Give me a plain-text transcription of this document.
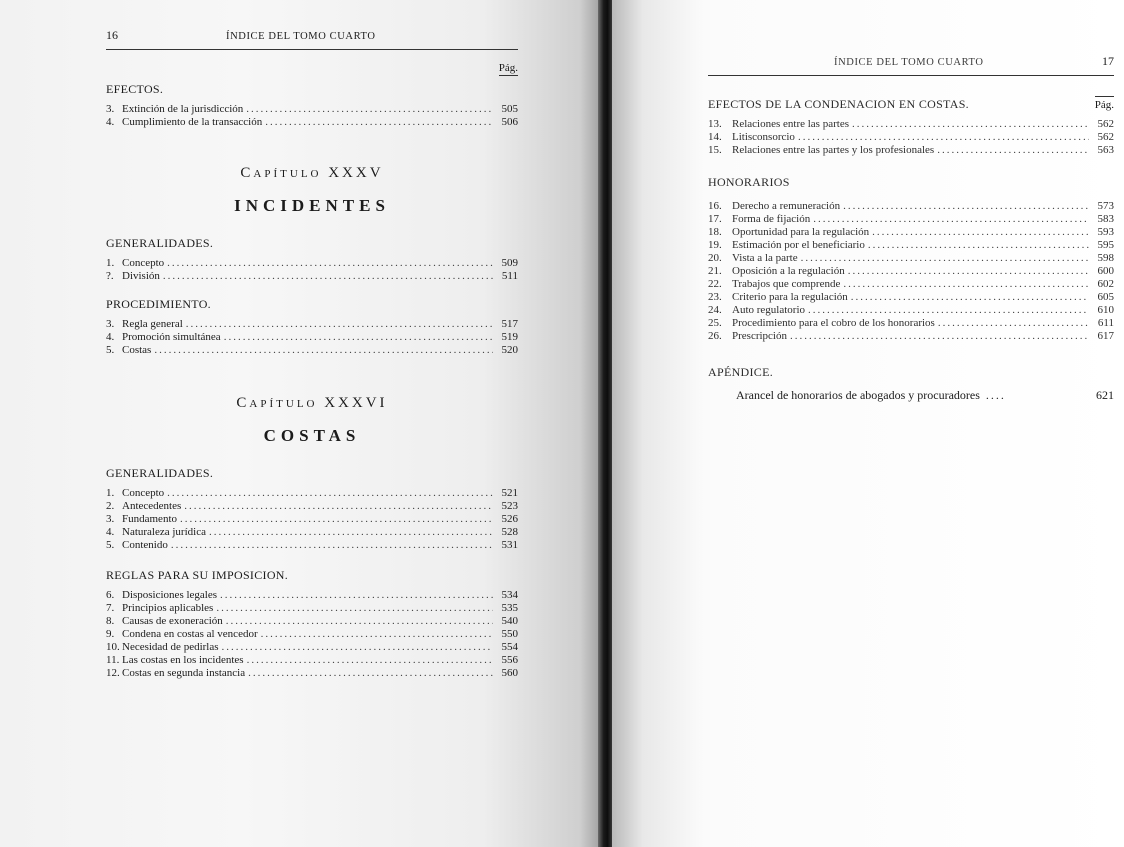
16	ÍNDICE DEL TOMO CUARTO
Pág.
EFECTOS.
3. Extinción de la jurisdicción .....	505
4. Cumplimiento de la transacción .....	506
Capítulo XXXV
INCIDENTES
GENERALIDADES.
1. Concepto .....	509
?. División .....	511
PROCEDIMIENTO.
3. Regla general .....	517
4. Promoción simultánea .....	519
5. Costas .....	520
Capítulo XXXVI
COSTAS
GENERALIDADES.
1. Concepto .....	521
2. Antecedentes .....	523
3. Fundamento .....	526
4. Naturaleza jurídica .....	528
5. Contenido .....	531
REGLAS PARA SU IMPOSICION.
6. Disposiciones legales .....	534
7. Principios aplicables .....	535
8. Causas de exoneración .....	540
9. Condena en costas al vencedor .....	550
10. Necesidad de pedirlas .....	554
11. Las costas en los incidentes .....	556
12. Costas en segunda instancia .....	560
ÍNDICE DEL TOMO CUARTO	17
EFECTOS DE LA CONDENACION EN COSTAS.	Pág.
13. Relaciones entre las partes .....	562
14. Litisconsorcio .....	562
15. Relaciones entre las partes y los profesionales .....	563
HONORARIOS
16. Derecho a remuneración .....	573
17. Forma de fijación .....	583
18. Oportunidad para la regulación .....	593
19. Estimación por el beneficiario .....	595
20. Vista a la parte .....	598
21. Oposición a la regulación .....	600
22. Trabajos que comprende .....	602
23. Criterio para la regulación .....	605
24. Auto regulatorio .....	610
25. Procedimiento para el cobro de los honorarios .....	611
26. Prescripción .....	617
APÉNDICE.
Arancel de honorarios de abogados y procuradores ....	621
